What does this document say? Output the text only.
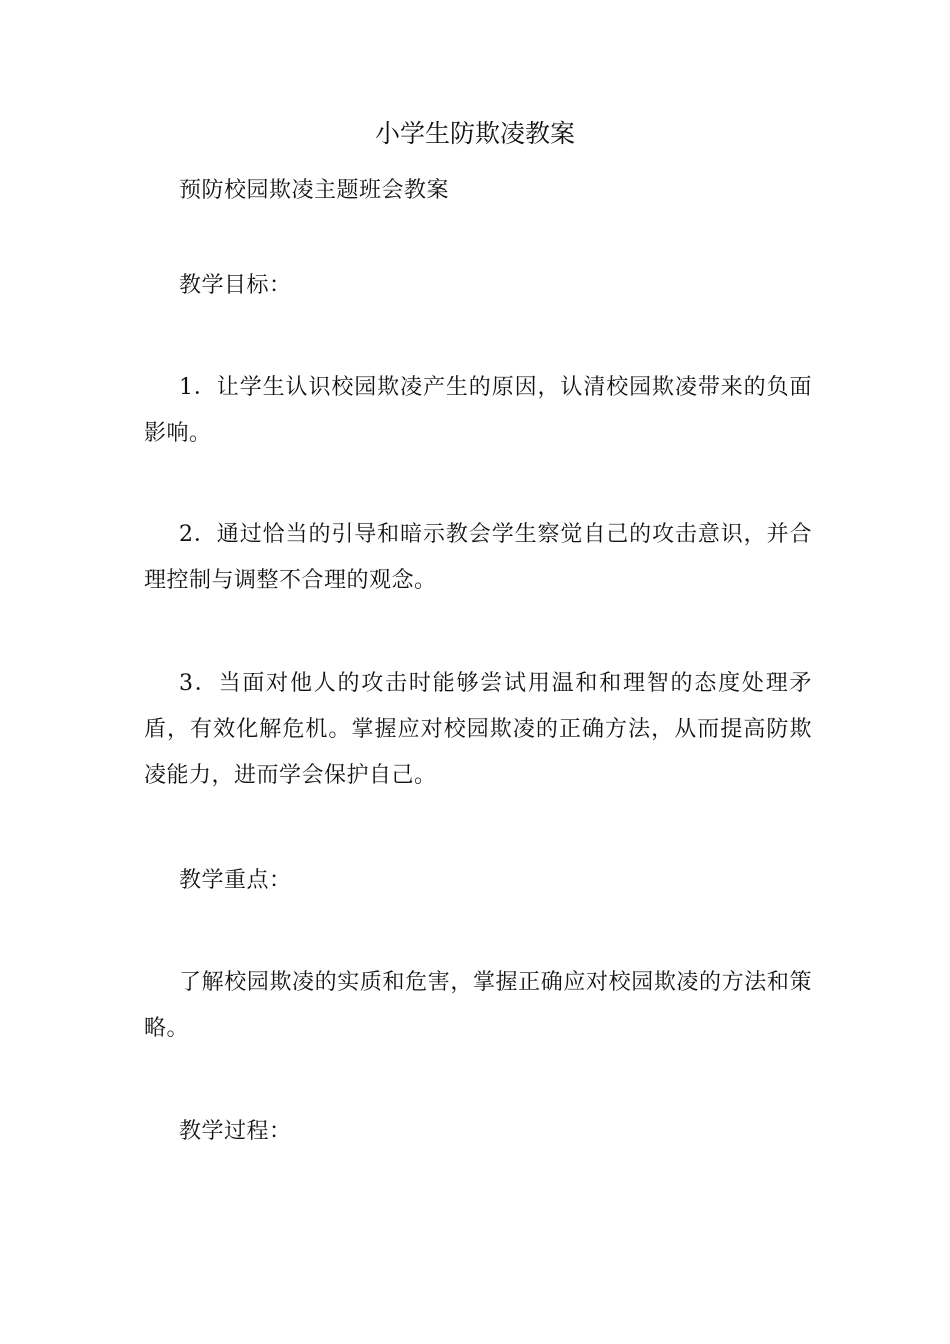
小学生防欺凌教案

预防校园欺凌主题班会教案

教学目标：

1．让学生认识校园欺凌产生的原因，认清校园欺凌带来的负面影响。

2．通过恰当的引导和暗示教会学生察觉自己的攻击意识，并合理控制与调整不合理的观念。

3．当面对他人的攻击时能够尝试用温和和理智的态度处理矛盾，有效化解危机。掌握应对校园欺凌的正确方法，从而提高防欺凌能力，进而学会保护自己。

教学重点：

了解校园欺凌的实质和危害，掌握正确应对校园欺凌的方法和策略。

教学过程：
